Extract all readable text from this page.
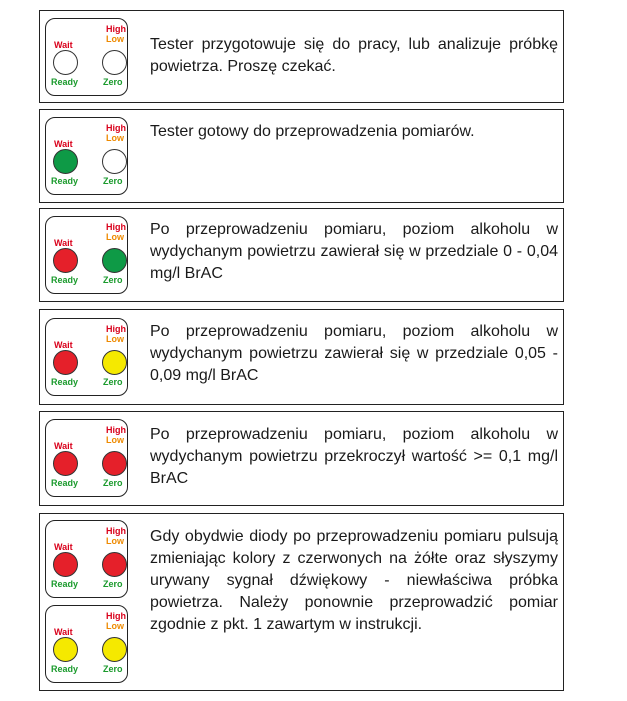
Wait
High
Low
Ready	Zero
Tester przygotowuje się do pracy, lub analizuje próbkę powietrza. Proszę czekać.
Wait
High
Low
Ready	Zero
Tester gotowy do przeprowadzenia pomiarów.
Wait
High
Low
Ready	Zero
Po przeprowadzeniu pomiaru, poziom alkoholu w wydychanym powietrzu zawierał się w przedziale 0 - 0,04 mg/l BrAC
Wait
High
Low
Ready	Zero
Po przeprowadzeniu pomiaru, poziom alkoholu w wydychanym powietrzu zawierał się w przedziale 0,05 - 0,09 mg/l BrAC
Wait
High
Low
Ready	Zero
Po przeprowadzeniu pomiaru, poziom alkoholu w wydychanym powietrzu przekroczył wartość >= 0,1 mg/l BrAC
Wait
High
Low
Ready	Zero
Wait
High
Low
Ready	Zero
Gdy obydwie diody po przeprowadzeniu pomiaru pulsują zmieniając kolory z czerwonych na żółte oraz słyszymy urywany sygnał dźwiękowy - niewłaściwa próbka powietrza. Należy ponownie przeprowadzić pomiar zgodnie z pkt. 1 zawartym w instrukcji.
